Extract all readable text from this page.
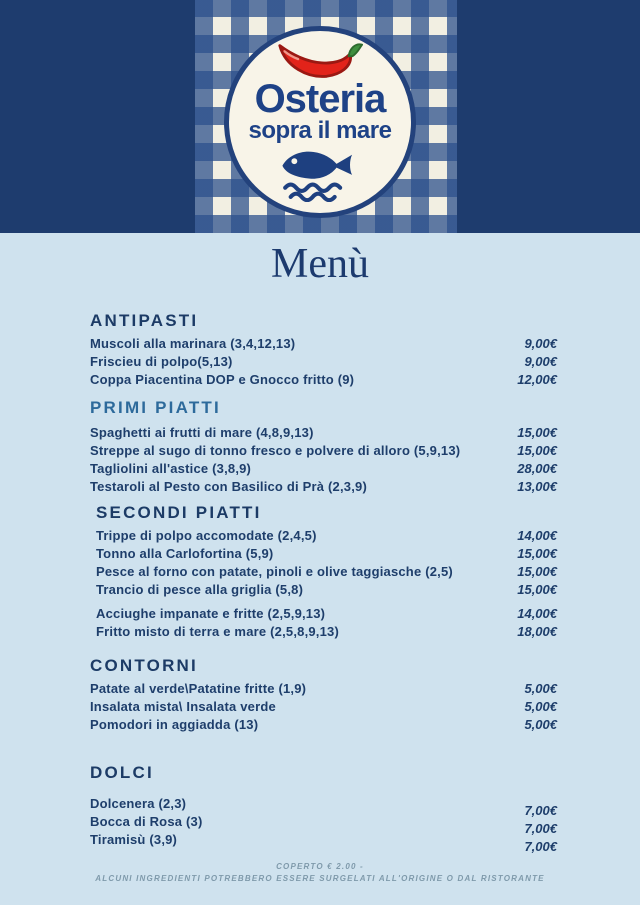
Osteria
sopra il mare
Menù
ANTIPASTI
Muscoli alla marinara (3,4,12,13)	9,00€
Friscieu di polpo(5,13)	9,00€
Coppa Piacentina DOP e Gnocco fritto (9)	12,00€
PRIMI PIATTI
Spaghetti ai frutti di mare (4,8,9,13)	15,00€
Streppe al sugo di tonno fresco e polvere di alloro (5,9,13)	15,00€
Tagliolini all'astice (3,8,9)	28,00€
Testaroli al Pesto con Basilico di Prà (2,3,9)	13,00€
SECONDI PIATTI
Trippe di polpo accomodate (2,4,5)	14,00€
Tonno alla Carlofortina (5,9)	15,00€
Pesce al forno con patate, pinoli e olive taggiasche (2,5)	15,00€
Trancio di pesce alla griglia (5,8)	15,00€
Acciughe impanate e fritte (2,5,9,13)	14,00€
Fritto misto di terra e mare (2,5,8,9,13)	18,00€
CONTORNI
Patate al verde\Patatine fritte (1,9)	5,00€
Insalata mista\ Insalata verde	5,00€
Pomodori in aggiadda (13)	5,00€
DOLCI
Dolcenera (2,3)	7,00€
Bocca di Rosa (3)	7,00€
Tiramisù (3,9)	7,00€
COPERTO € 2.00 -
ALCUNI INGREDIENTI POTREBBERO ESSERE SURGELATI ALL'ORIGINE O DAL RISTORANTE
